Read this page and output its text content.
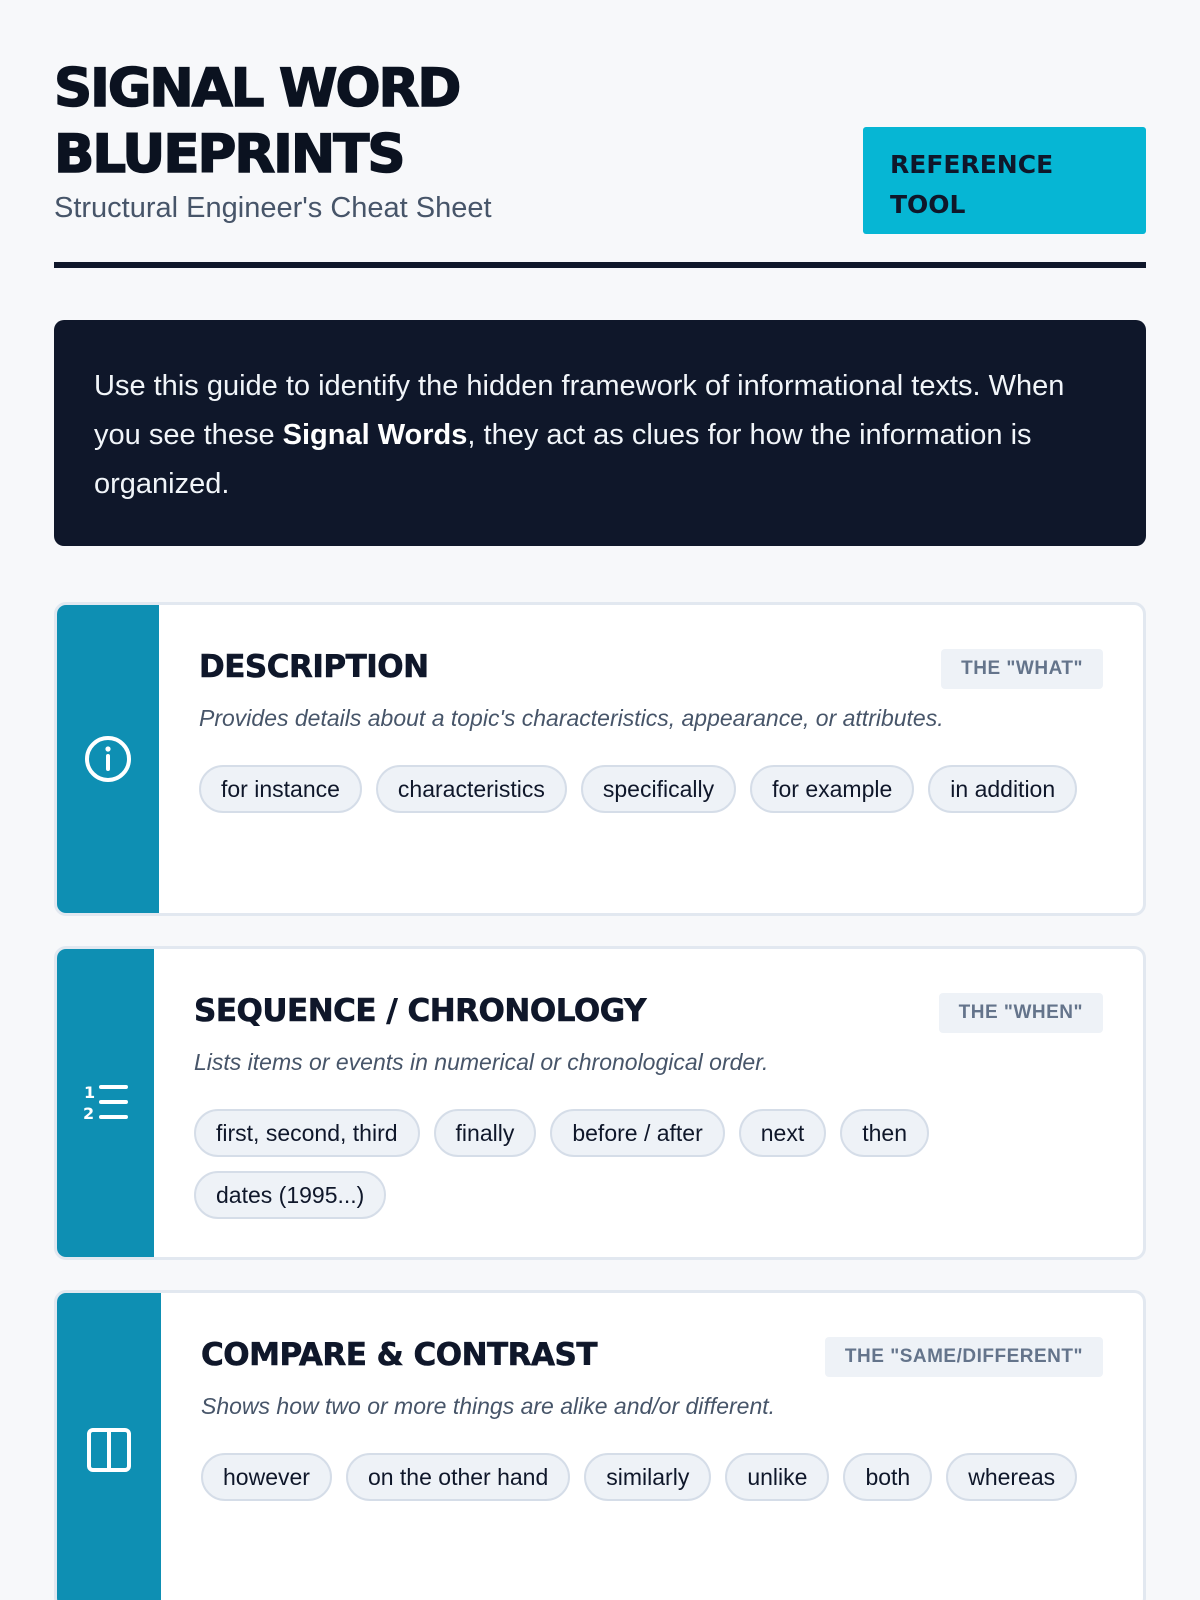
SIGNAL WORD
BLUEPRINTS
Structural Engineer's Cheat Sheet
REFERENCE
TOOL
Use this guide to identify the hidden framework of informational texts. When you see these Signal Words, they act as clues for how the information is organized.
DESCRIPTION	THE "WHAT"
Provides details about a topic's characteristics, appearance, or attributes.
for instance	characteristics	specifically	for example	in addition
1
2
SEQUENCE / CHRONOLOGY	THE "WHEN"
Lists items or events in numerical or chronological order.
first, second, third	finally	before / after	next	then
dates (1995...)
COMPARE & CONTRAST	THE "SAME/DIFFERENT"
Shows how two or more things are alike and/or different.
however	on the other hand	similarly	unlike	both	whereas
